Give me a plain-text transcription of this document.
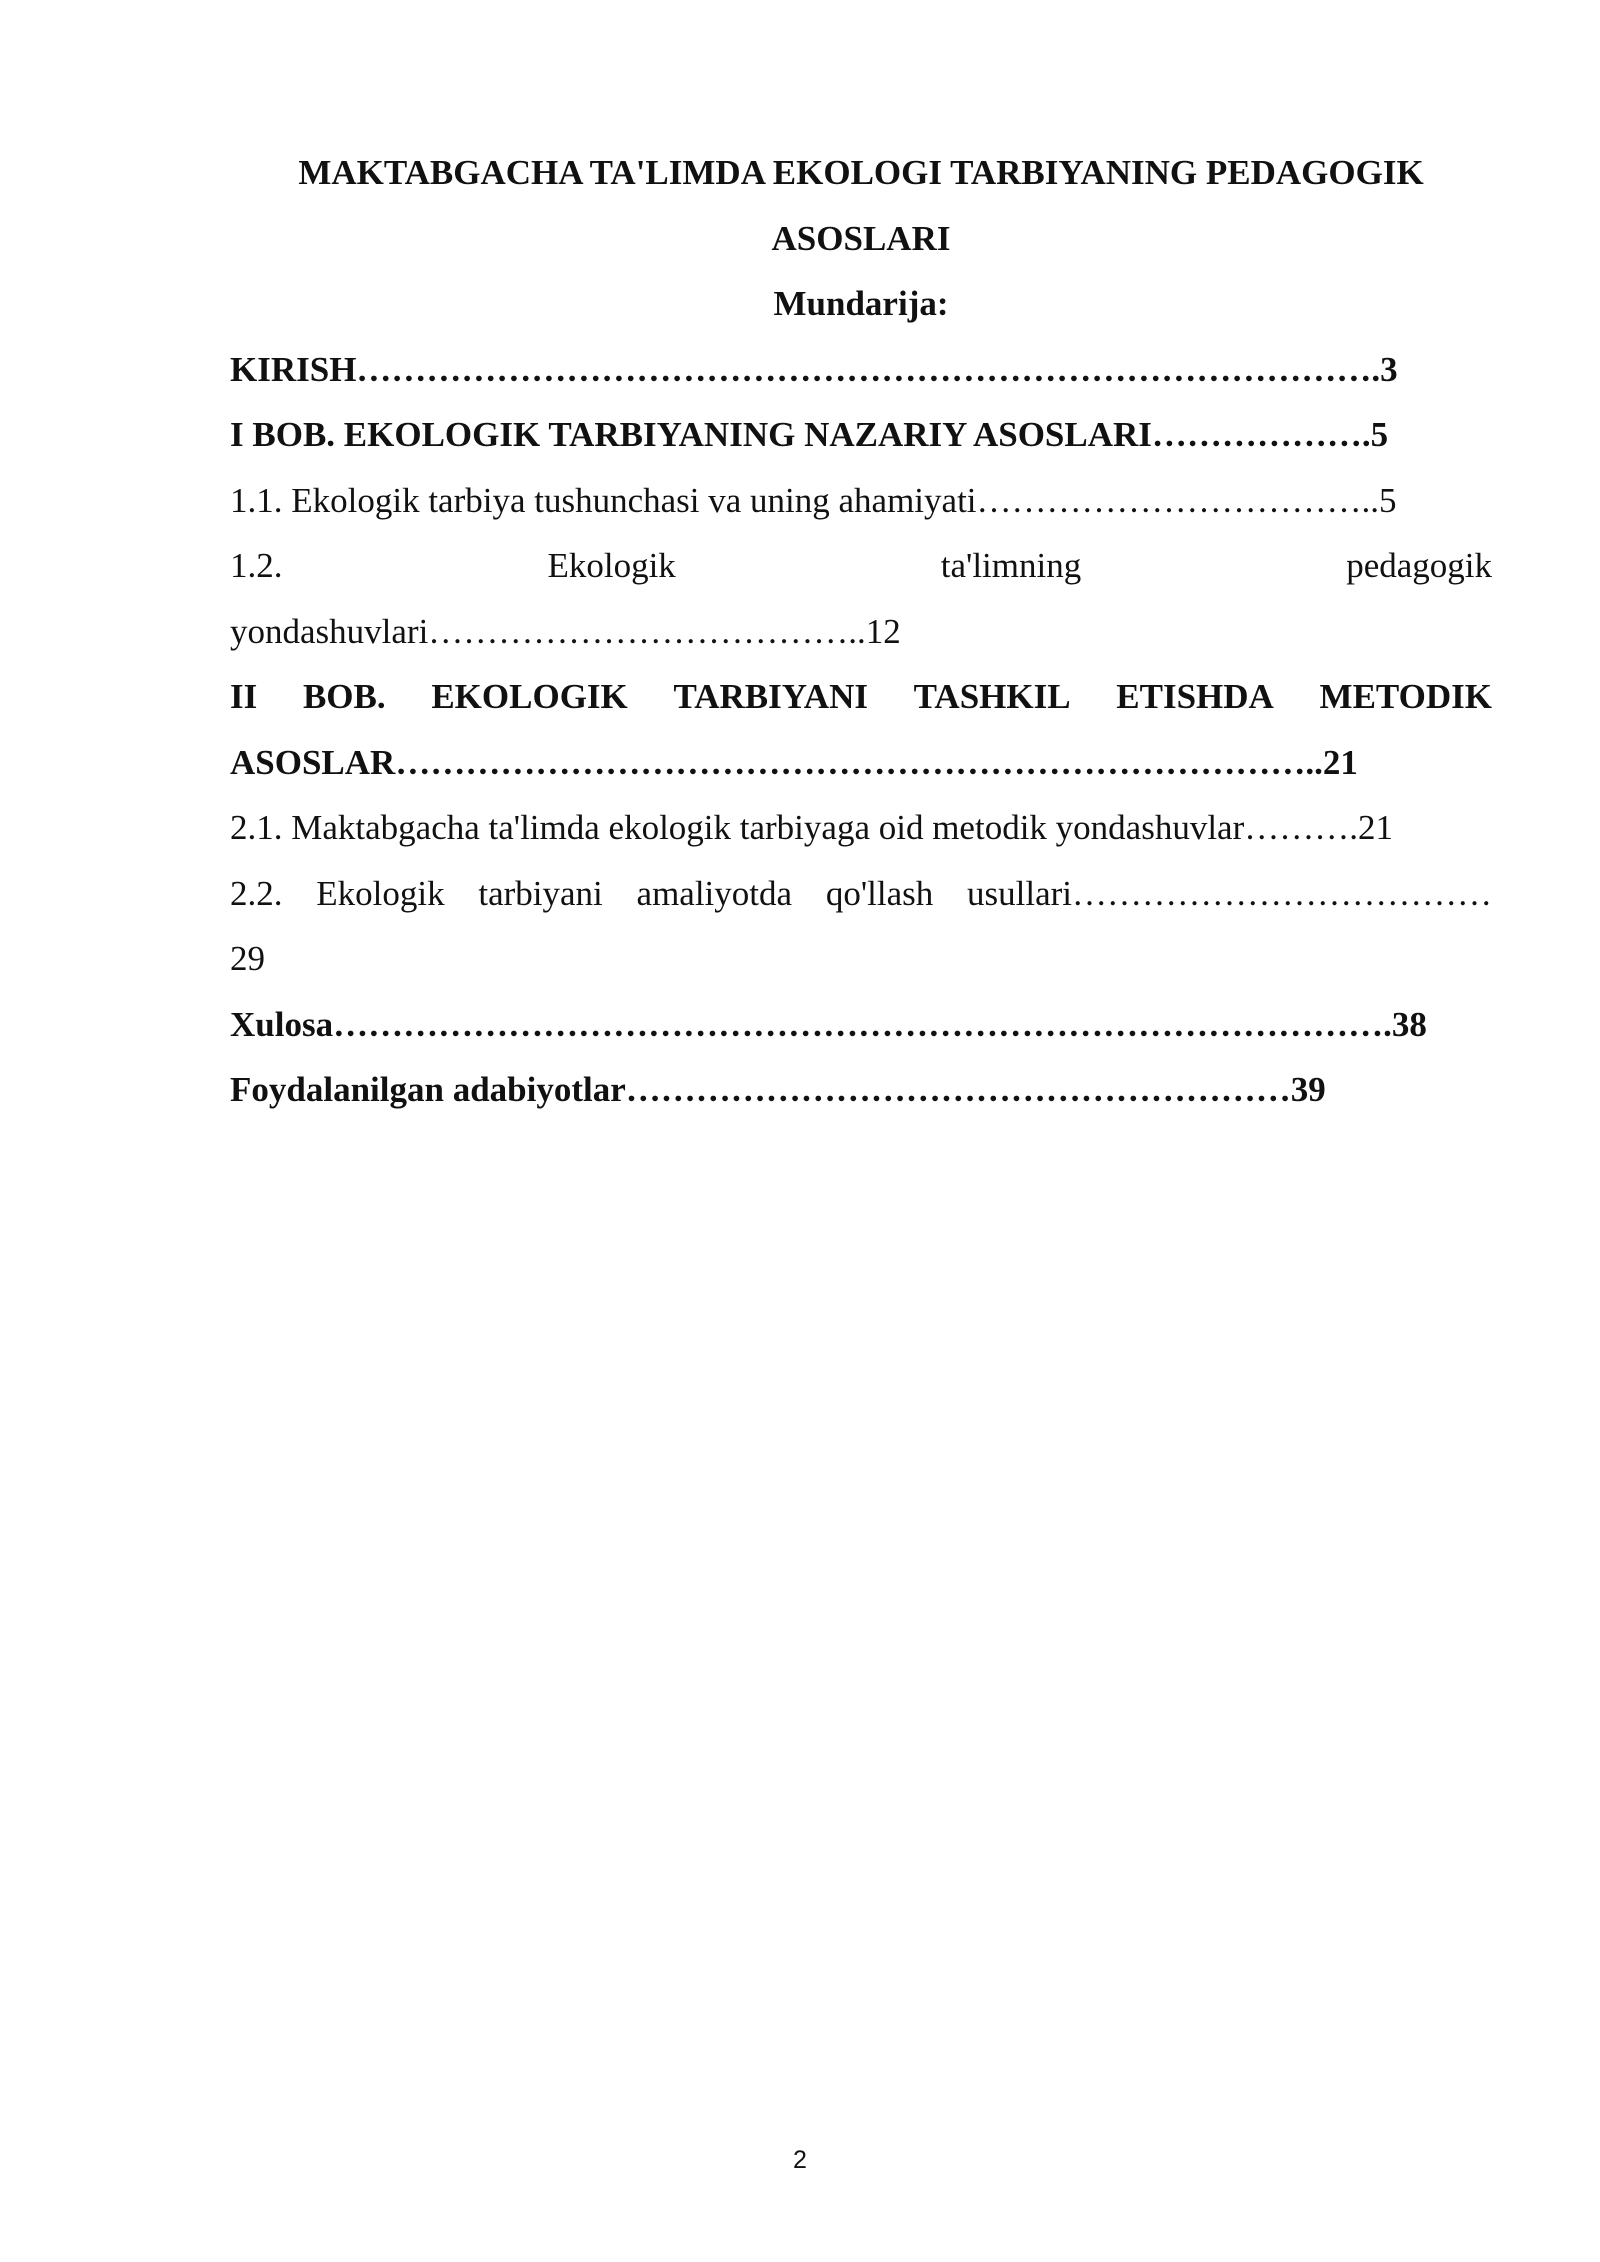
MAKTABGACHA TA'LIMDA EKOLOGI TARBIYANING PEDAGOGIK
ASOSLARI
Mundarija:
KIRISH…………………………………………………………………………….3
I BOB. EKOLOGIK TARBIYANING NAZARIY ASOSLARI……………….5
1.1. Ekologik tarbiya tushunchasi va uning ahamiyati……………………………..5
1.2.	Ekologik	ta'limning	pedagogik
yondashuvlari………………………………..12
II BOB. EKOLOGIK TARBIYANI TASHKIL ETISHDA METODIK
ASOSLAR……………………………………………………………………..21
2.1. Maktabgacha ta'limda ekologik tarbiyaga oid metodik yondashuvlar……….21
2.2. Ekologik tarbiyani amaliyotda qo'llash usullari………………………………
29
Xulosa……………………………………………………………………………….38
Foydalanilgan adabiyotlar…………………………………………………39
2
